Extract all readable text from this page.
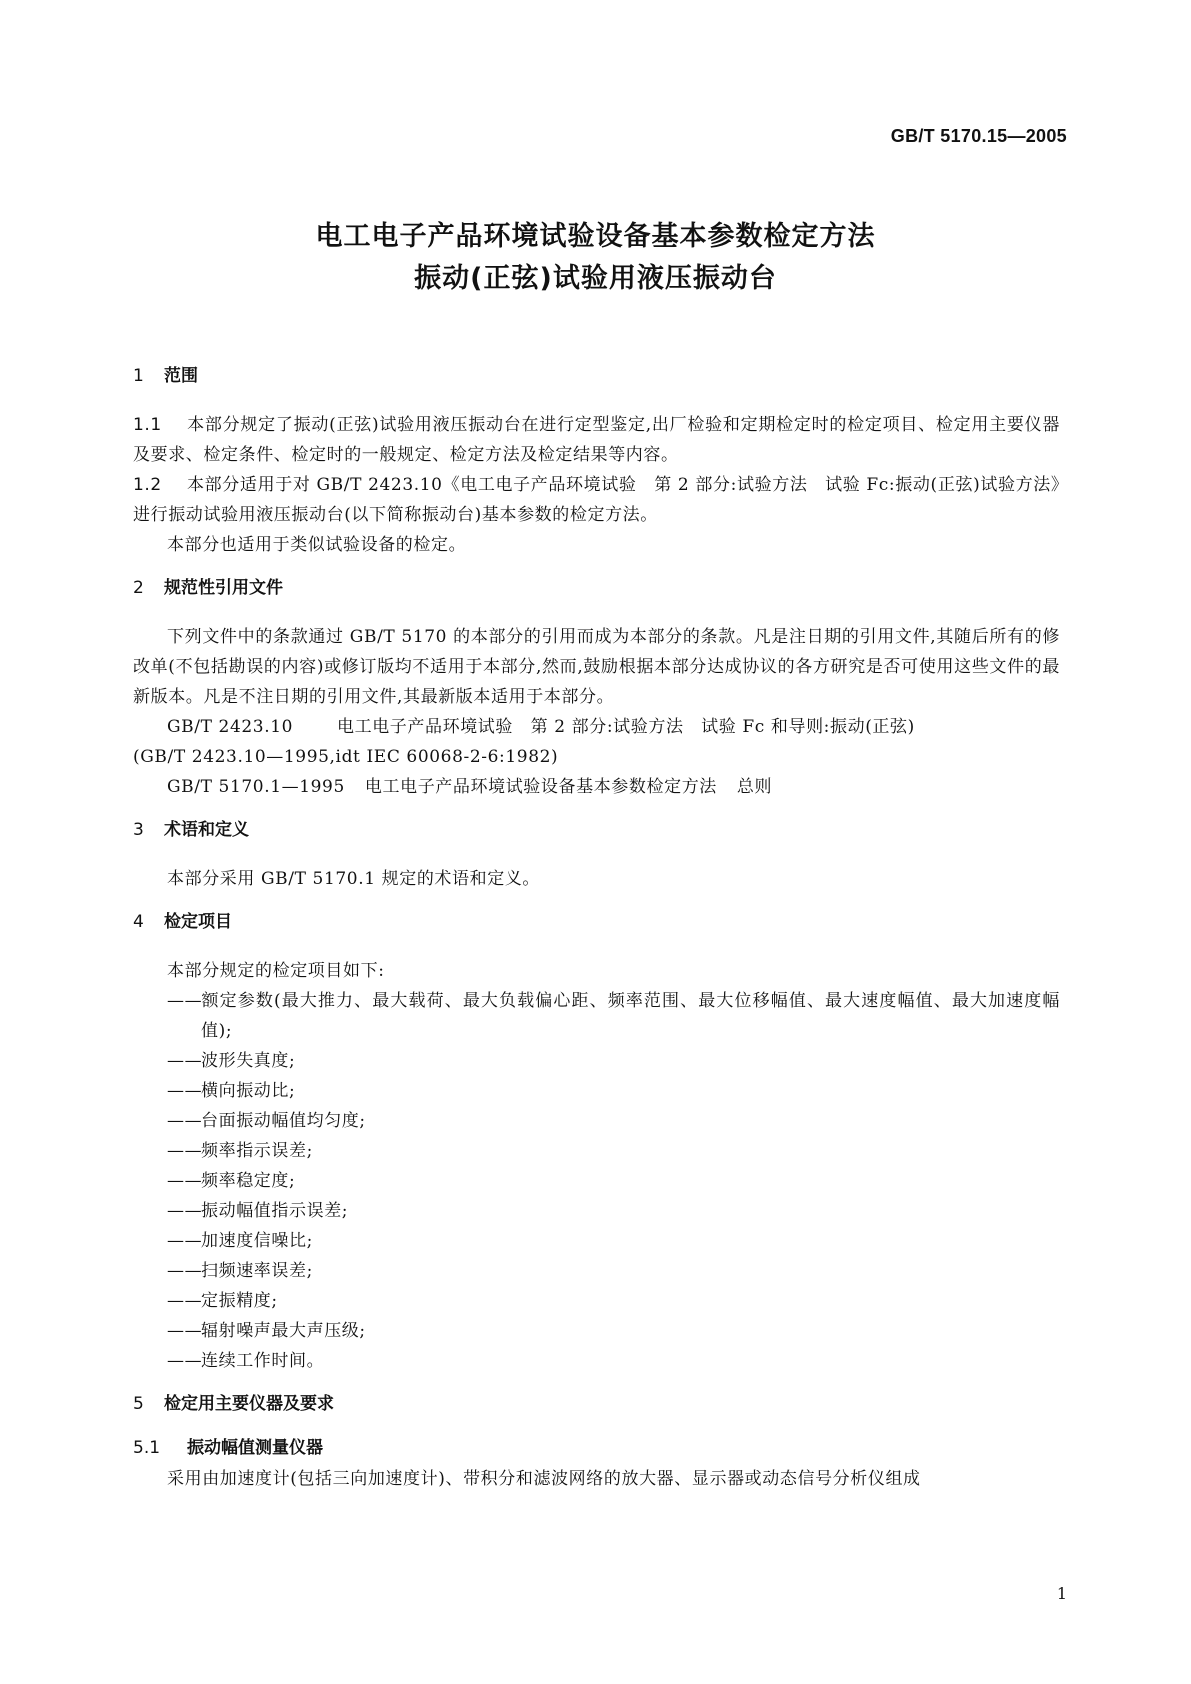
GB/T 5170.15—2005
电工电子产品环境试验设备基本参数检定方法
振动(正弦)试验用液压振动台
1 范围

1.1 本部分规定了振动(正弦)试验用液压振动台在进行定型鉴定,出厂检验和定期检定时的检定项目、检定用主要仪器及要求、检定条件、检定时的一般规定、检定方法及检定结果等内容。

1.2 本部分适用于对 GB/T 2423.10《电工电子产品环境试验　第 2 部分:试验方法　试验 Fc:振动(正弦)试验方法》进行振动试验用液压振动台(以下简称振动台)基本参数的检定方法。

本部分也适用于类似试验设备的检定。

2 规范性引用文件

下列文件中的条款通过 GB/T 5170 的本部分的引用而成为本部分的条款。凡是注日期的引用文件,其随后所有的修改单(不包括勘误的内容)或修订版均不适用于本部分,然而,鼓励根据本部分达成协议的各方研究是否可使用这些文件的最新版本。凡是不注日期的引用文件,其最新版本适用于本部分。

GB/T 2423.10	电工电子产品环境试验　第 2 部分:试验方法　试验 Fc 和导则:振动(正弦)

(GB/T 2423.10—1995,idt IEC 60068-2-6:1982)

GB/T 5170.1—1995 电工电子产品环境试验设备基本参数检定方法 总则

3 术语和定义

本部分采用 GB/T 5170.1 规定的术语和定义。

4 检定项目

本部分规定的检定项目如下:

——额定参数(最大推力、最大载荷、最大负载偏心距、频率范围、最大位移幅值、最大速度幅值、最大加速度幅值);
——波形失真度;
——横向振动比;
——台面振动幅值均匀度;
——频率指示误差;
——频率稳定度;
——振动幅值指示误差;
——加速度信噪比;
——扫频速率误差;
——定振精度;
——辐射噪声最大声压级;
——连续工作时间。
5 检定用主要仪器及要求
5.1 振动幅值测量仪器

采用由加速度计(包括三向加速度计)、带积分和滤波网络的放大器、显示器或动态信号分析仪组成

1
